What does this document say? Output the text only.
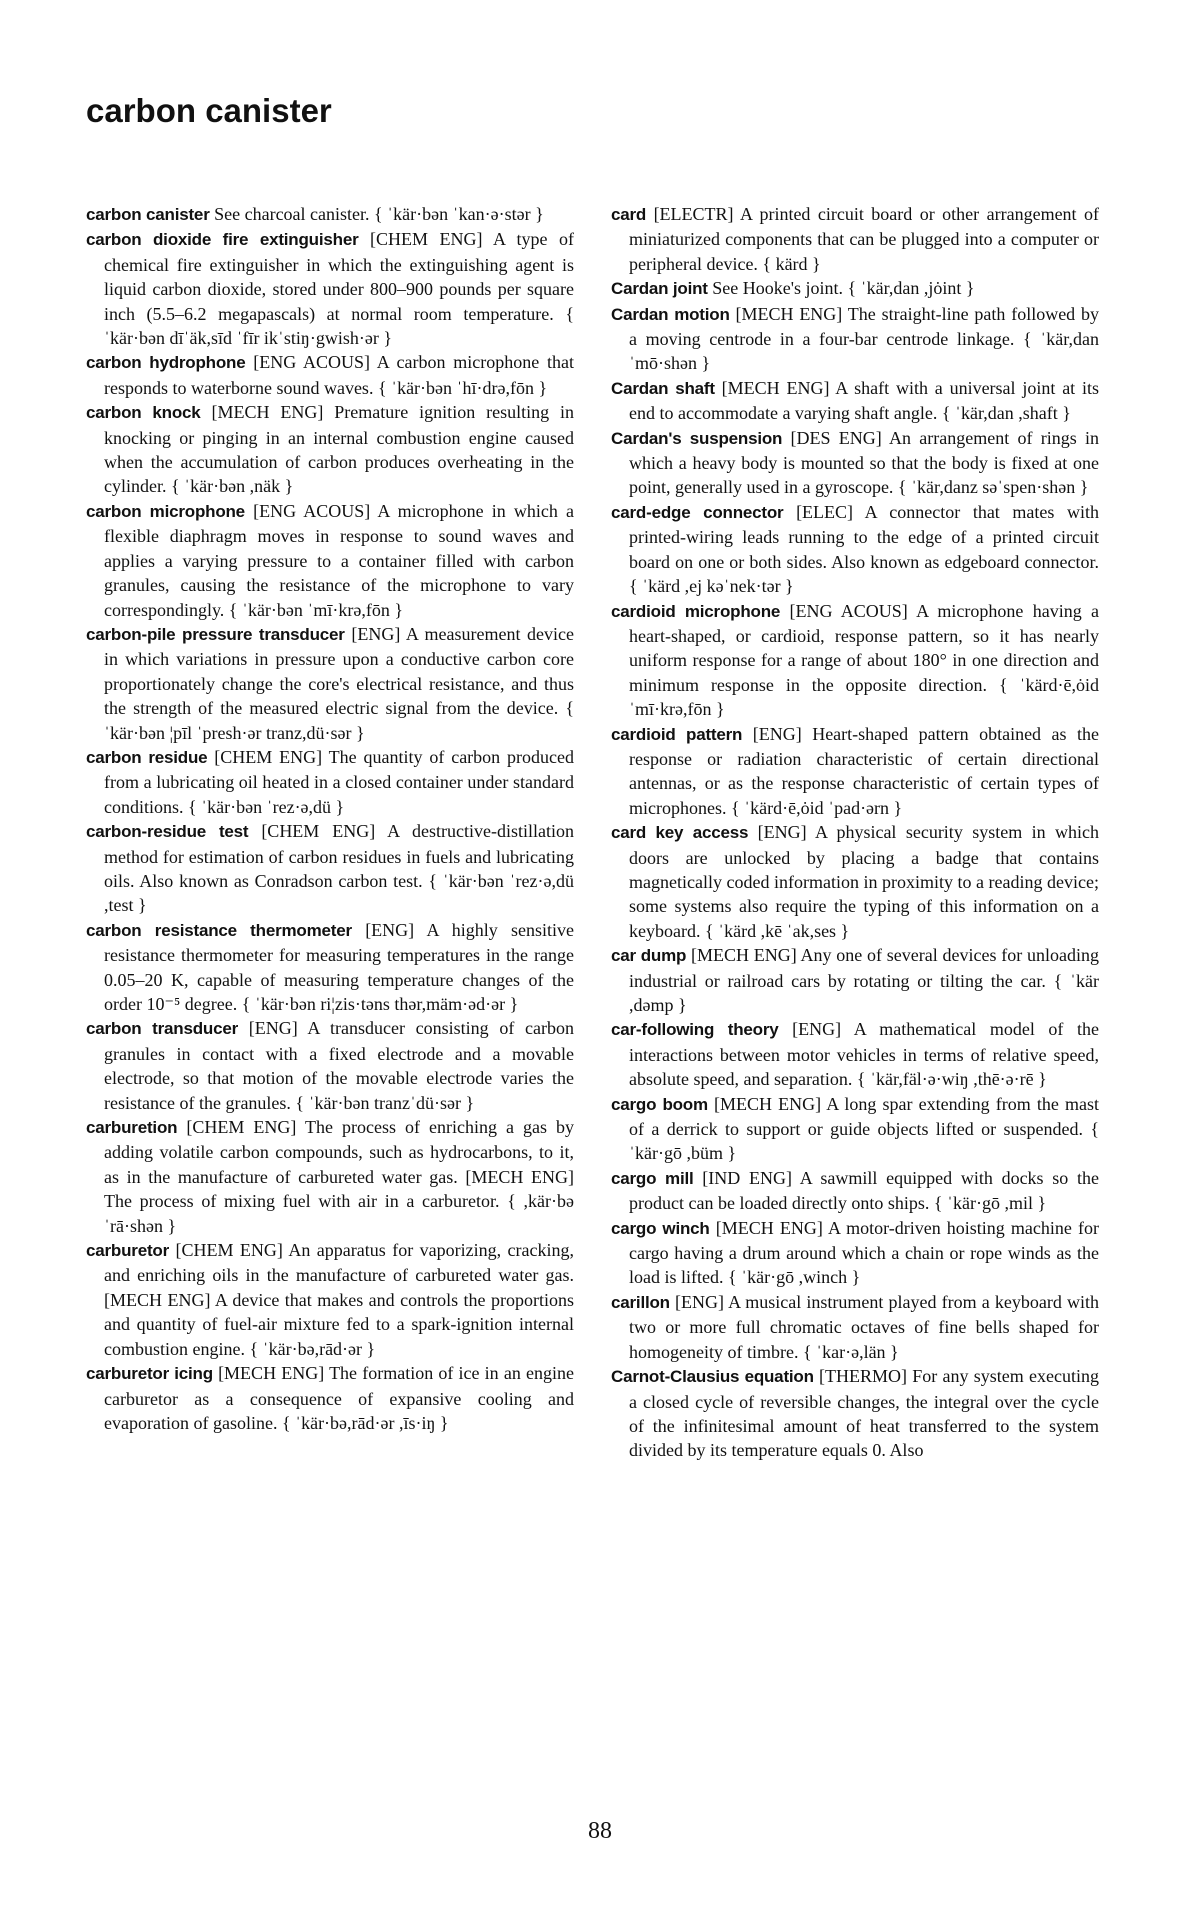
carbon canister

carbon canister See charcoal canister. { ˈkär·bən ˈkan·ə·stər }

carbon dioxide fire extinguisher [CHEM ENG] A type of chemical fire extinguisher in which the extinguishing agent is liquid carbon dioxide, stored under 800–900 pounds per square inch (5.5–6.2 megapascals) at normal room temperature. { ˈkär·bən dīˈäk,sīd ˈfīr ikˈstiŋ·gwish·ər }

carbon hydrophone [ENG ACOUS] A carbon microphone that responds to waterborne sound waves. { ˈkär·bən ˈhī·drə,fōn }

carbon knock [MECH ENG] Premature ignition resulting in knocking or pinging in an internal combustion engine caused when the accumulation of carbon produces overheating in the cylinder. { ˈkär·bən ,näk }

carbon microphone [ENG ACOUS] A microphone in which a flexible diaphragm moves in response to sound waves and applies a varying pressure to a container filled with carbon granules, causing the resistance of the microphone to vary correspondingly. { ˈkär·bən ˈmī·krə,fōn }

carbon-pile pressure transducer [ENG] A measurement device in which variations in pressure upon a conductive carbon core proportionately change the core's electrical resistance, and thus the strength of the measured electric signal from the device. { ˈkär·bən ¦pīl ˈpresh·ər tranz,dü·sər }

carbon residue [CHEM ENG] The quantity of carbon produced from a lubricating oil heated in a closed container under standard conditions. { ˈkär·bən ˈrez·ə,dü }

carbon-residue test [CHEM ENG] A destructive-distillation method for estimation of carbon residues in fuels and lubricating oils. Also known as Conradson carbon test. { ˈkär·bən ˈrez·ə,dü ,test }

carbon resistance thermometer [ENG] A highly sensitive resistance thermometer for measuring temperatures in the range 0.05–20 K, capable of measuring temperature changes of the order 10⁻⁵ degree. { ˈkär·bən ri¦zis·təns thər,mäm·əd·ər }

carbon transducer [ENG] A transducer consisting of carbon granules in contact with a fixed electrode and a movable electrode, so that motion of the movable electrode varies the resistance of the granules. { ˈkär·bən tranzˈdü·sər }

carburetion [CHEM ENG] The process of enriching a gas by adding volatile carbon compounds, such as hydrocarbons, to it, as in the manufacture of carbureted water gas. [MECH ENG] The process of mixing fuel with air in a carburetor. { ,kär·bəˈrā·shən }

carburetor [CHEM ENG] An apparatus for vaporizing, cracking, and enriching oils in the manufacture of carbureted water gas. [MECH ENG] A device that makes and controls the proportions and quantity of fuel-air mixture fed to a spark-ignition internal combustion engine. { ˈkär·bə,rād·ər }

carburetor icing [MECH ENG] The formation of ice in an engine carburetor as a consequence of expansive cooling and evaporation of gasoline. { ˈkär·bə,rād·ər ,īs·iŋ }

card [ELECTR] A printed circuit board or other arrangement of miniaturized components that can be plugged into a computer or peripheral device. { kärd }

Cardan joint See Hooke's joint. { ˈkär,dan ,jȯint }

Cardan motion [MECH ENG] The straight-line path followed by a moving centrode in a four-bar centrode linkage. { ˈkär,dan ˈmō·shən }

Cardan shaft [MECH ENG] A shaft with a universal joint at its end to accommodate a varying shaft angle. { ˈkär,dan ,shaft }

Cardan's suspension [DES ENG] An arrangement of rings in which a heavy body is mounted so that the body is fixed at one point, generally used in a gyroscope. { ˈkär,danz səˈspen·shən }

card-edge connector [ELEC] A connector that mates with printed-wiring leads running to the edge of a printed circuit board on one or both sides. Also known as edgeboard connector. { ˈkärd ,ej kəˈnek·tər }

cardioid microphone [ENG ACOUS] A microphone having a heart-shaped, or cardioid, response pattern, so it has nearly uniform response for a range of about 180° in one direction and minimum response in the opposite direction. { ˈkärd·ē,ȯid ˈmī·krə,fōn }

cardioid pattern [ENG] Heart-shaped pattern obtained as the response or radiation characteristic of certain directional antennas, or as the response characteristic of certain types of microphones. { ˈkärd·ē,ȯid ˈpad·ərn }

card key access [ENG] A physical security system in which doors are unlocked by placing a badge that contains magnetically coded information in proximity to a reading device; some systems also require the typing of this information on a keyboard. { ˈkärd ,kē ˈak,ses }

car dump [MECH ENG] Any one of several devices for unloading industrial or railroad cars by rotating or tilting the car. { ˈkär ,dəmp }

car-following theory [ENG] A mathematical model of the interactions between motor vehicles in terms of relative speed, absolute speed, and separation. { ˈkär,fäl·ə·wiŋ ,thē·ə·rē }

cargo boom [MECH ENG] A long spar extending from the mast of a derrick to support or guide objects lifted or suspended. { ˈkär·gō ,büm }

cargo mill [IND ENG] A sawmill equipped with docks so the product can be loaded directly onto ships. { ˈkär·gō ,mil }

cargo winch [MECH ENG] A motor-driven hoisting machine for cargo having a drum around which a chain or rope winds as the load is lifted. { ˈkär·gō ,winch }

carillon [ENG] A musical instrument played from a keyboard with two or more full chromatic octaves of fine bells shaped for homogeneity of timbre. { ˈkar·ə,län }

Carnot-Clausius equation [THERMO] For any system executing a closed cycle of reversible changes, the integral over the cycle of the infinitesimal amount of heat transferred to the system divided by its temperature equals 0. Also

88
